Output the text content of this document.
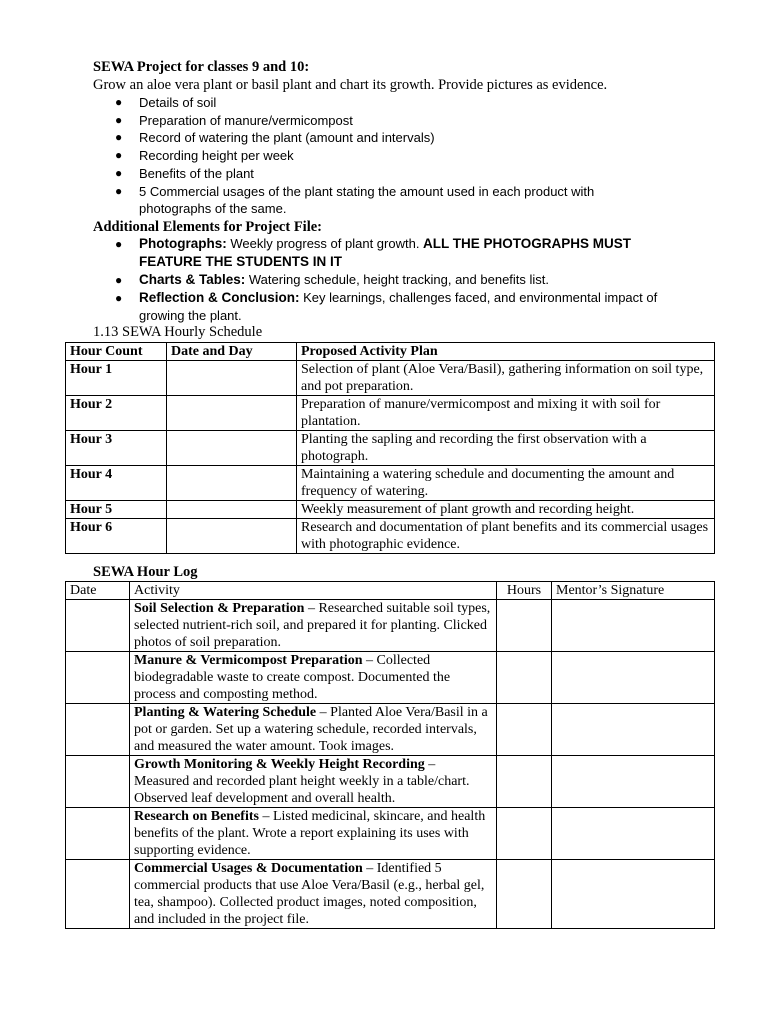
SEWA Project for classes 9 and 10:
Grow an aloe vera plant or basil plant and chart its growth. Provide pictures as evidence.
● Details of soil
● Preparation of manure/vermicompost
● Record of watering the plant (amount and intervals)
● Recording height per week
● Benefits of the plant
● 5 Commercial usages of the plant stating the amount used in each product with photographs of the same.
Additional Elements for Project File:
● Photographs: Weekly progress of plant growth. ALL THE PHOTOGRAPHS MUST FEATURE THE STUDENTS IN IT
● Charts & Tables: Watering schedule, height tracking, and benefits list.
● Reflection & Conclusion: Key learnings, challenges faced, and environmental impact of growing the plant.
1.13 SEWA Hourly Schedule
Hour Count	Date and Day	Proposed Activity Plan
Hour 1		Selection of plant (Aloe Vera/Basil), gathering information on soil type, and pot preparation.
Hour 2		Preparation of manure/vermicompost and mixing it with soil for plantation.
Hour 3		Planting the sapling and recording the first observation with a photograph.
Hour 4		Maintaining a watering schedule and documenting the amount and frequency of watering.
Hour 5		Weekly measurement of plant growth and recording height.
Hour 6		Research and documentation of plant benefits and its commercial usages with photographic evidence.
SEWA Hour Log
Date	Activity	Hours	Mentor’s Signature
	Soil Selection & Preparation – Researched suitable soil types, selected nutrient-rich soil, and prepared it for planting. Clicked photos of soil preparation.		
	Manure & Vermicompost Preparation – Collected biodegradable waste to create compost. Documented the process and composting method.		
	Planting & Watering Schedule – Planted Aloe Vera/Basil in a pot or garden. Set up a watering schedule, recorded intervals, and measured the water amount. Took images.		
	Growth Monitoring & Weekly Height Recording – Measured and recorded plant height weekly in a table/chart. Observed leaf development and overall health.		
	Research on Benefits – Listed medicinal, skincare, and health benefits of the plant. Wrote a report explaining its uses with supporting evidence.		
	Commercial Usages & Documentation – Identified 5 commercial products that use Aloe Vera/Basil (e.g., herbal gel, tea, shampoo). Collected product images, noted composition, and included in the project file.		
